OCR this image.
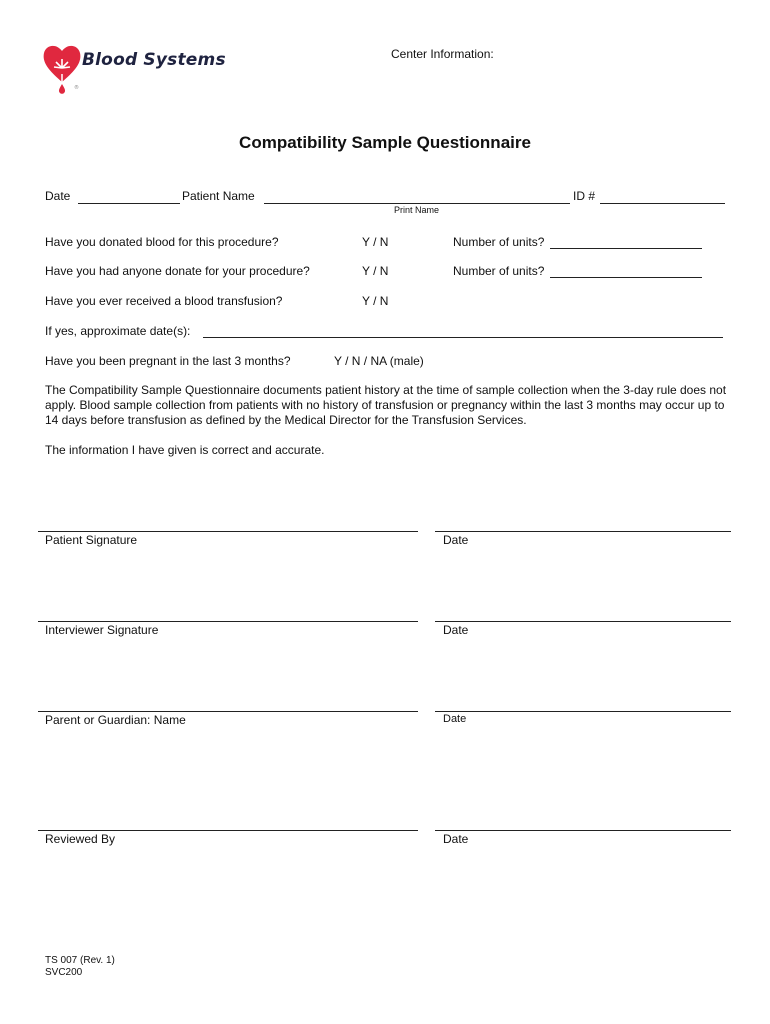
®
Blood Systems	Center Information:
Compatibility Sample Questionnaire
Date	Patient Name	ID #
Print Name
Have you donated blood for this procedure?	Y / N	Number of units?
Have you had anyone donate for your procedure?	Y / N	Number of units?
Have you ever received a blood transfusion?	Y / N
If yes, approximate date(s):
Have you been pregnant in the last 3 months?	Y / N / NA (male)
The Compatibility Sample Questionnaire documents patient history at the time of sample collection when the 3-day rule does not apply. Blood sample collection from patients with no history of transfusion or pregnancy within the last 3 months may occur up to 14 days before transfusion as defined by the Medical Director for the Transfusion Services.
The information I have given is correct and accurate.
Patient Signature	Date
Interviewer Signature	Date
Parent or Guardian: Name	Date
Reviewed By	Date
TS 007 (Rev. 1)
SVC200
